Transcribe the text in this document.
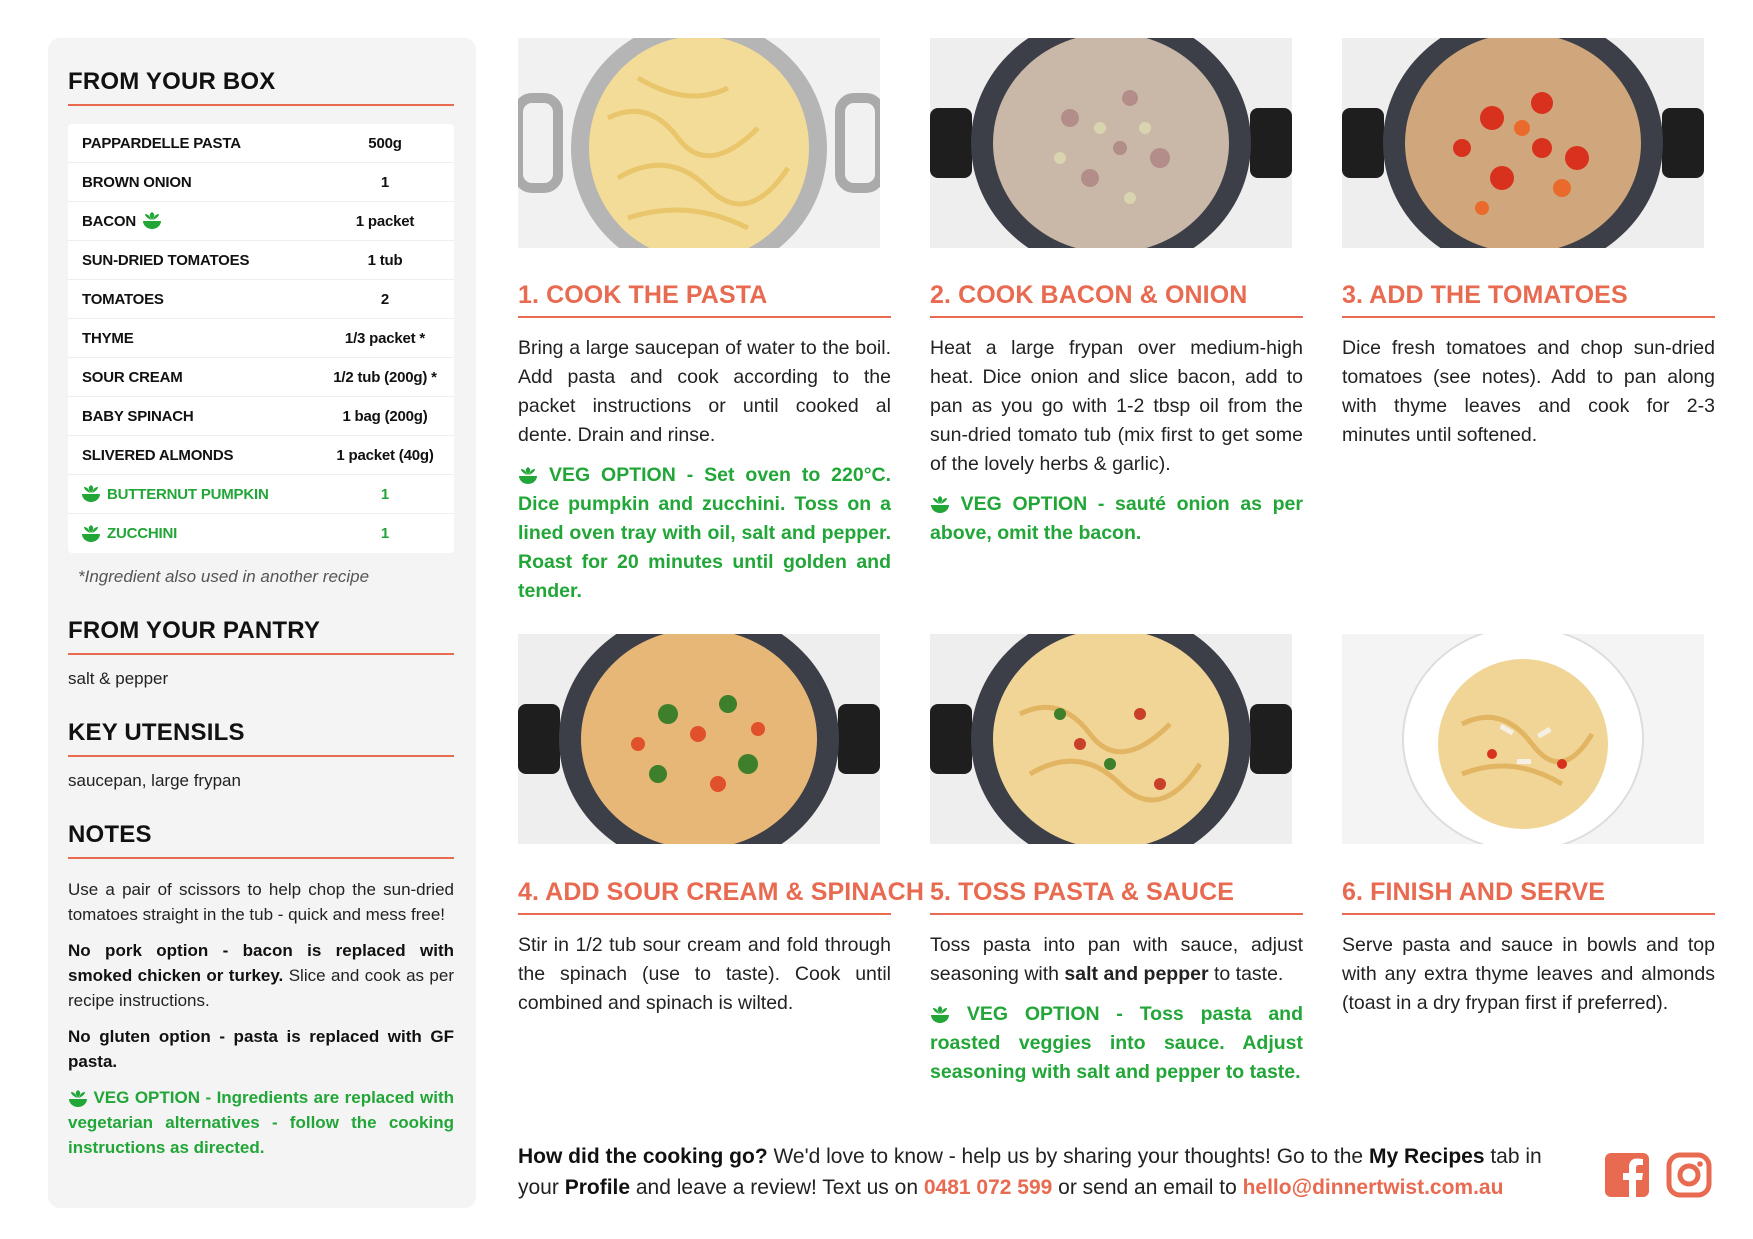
FROM YOUR BOX
PAPPARDELLE PASTA	500g
BROWN ONION	1
BACON	1 packet
SUN-DRIED TOMATOES	1 tub
TOMATOES	2
THYME	1/3 packet *
SOUR CREAM	1/2 tub (200g) *
BABY SPINACH	1 bag (200g)
SLIVERED ALMONDS	1 packet (40g)
BUTTERNUT PUMPKIN	1
ZUCCHINI	1
*Ingredient also used in another recipe
FROM YOUR PANTRY
salt & pepper
KEY UTENSILS
saucepan, large frypan
NOTES

Use a pair of scissors to help chop the sun-dried tomatoes straight in the tub - quick and mess free!

No pork option - bacon is replaced with smoked chicken or turkey. Slice and cook as per recipe instructions.

No gluten option - pasta is replaced with GF pasta.

VEG OPTION - Ingredients are replaced with vegetarian alternatives - follow the cooking instructions as directed.

1. COOK THE PASTA	2. COOK BACON & ONION	3. ADD THE TOMATOES
4. ADD SOUR CREAM & SPINACH 5. TOSS PASTA & SAUCE	6. FINISH AND SERVE

Bring a large saucepan of water to the boil. Add pasta and cook according to the packet instructions or until cooked al dente. Drain and rinse.

VEG OPTION - Set oven to 220°C. Dice pumpkin and zucchini. Toss on a lined oven tray with oil, salt and pepper. Roast for 20 minutes until golden and tender.

Heat a large frypan over medium-high heat. Dice onion and slice bacon, add to pan as you go with 1-2 tbsp oil from the sun-dried tomato tub (mix first to get some of the lovely herbs & garlic).

VEG OPTION - sauté onion as per above, omit the bacon.

Dice fresh tomatoes and chop sun-dried tomatoes (see notes). Add to pan along with thyme leaves and cook for 2-3 minutes until softened.

Stir in 1/2 tub sour cream and fold through the spinach (use to taste). Cook until combined and spinach is wilted.

Toss pasta into pan with sauce, adjust seasoning with salt and pepper to taste.

VEG OPTION - Toss pasta and roasted veggies into sauce. Adjust seasoning with salt and pepper to taste.

Serve pasta and sauce in bowls and top with any extra thyme leaves and almonds (toast in a dry frypan first if preferred).

How did the cooking go? We'd love to know - help us by sharing your thoughts! Go to the My Recipes tab in your Profile and leave a review! Text us on 0481 072 599 or send an email to hello@dinnertwist.com.au
